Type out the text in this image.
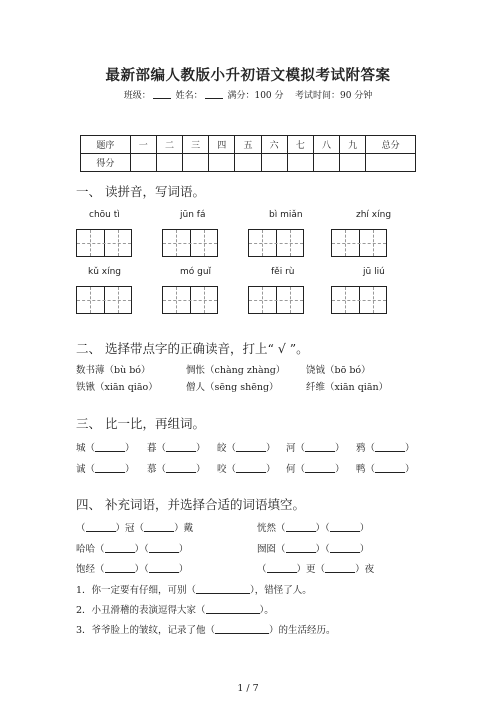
最新部编人教版小升初语文模拟考试附答案
班级：	姓名：	满分：100 分 考试时间：90 分钟
题序	一	二	三	四	五	六	七	八	九	总分
得分										
一、 读拼音，写词语。
chōu tì	jūn fá	bì miǎn	zhí xíng
kǔ xíng	mó guǐ	fěi rù	jū liú
二、 选择带点字的正确读音，打上“ √ ”。
数书薄（bù bó）	惆怅（chàng zhàng） 饶钺（bō bó）
铁锹（xiān qiāo）	僧人（sēng shēng）	纤维（xiān qiān）
三、 比一比，再组词。
城（	） 暮（	） 皎（	） 河（	） 鸦（	）
诚（	） 慕（	） 咬（	） 何（	） 鸭（	）
四、 补充词语，并选择合适的词语填空。
（	）冠（	）戴	恍然（	）（	）
哈哈（	）（	）	囫囵（	）（	）
饱经（	）（	）	（	）更（	）夜
1．你一定要有仔细，可别（	），错怪了人。
2．小丑滑稽的表演逗得大家（	）。
3．爷爷脸上的皱纹，记录了他（	）的生活经历。
1 / 7
